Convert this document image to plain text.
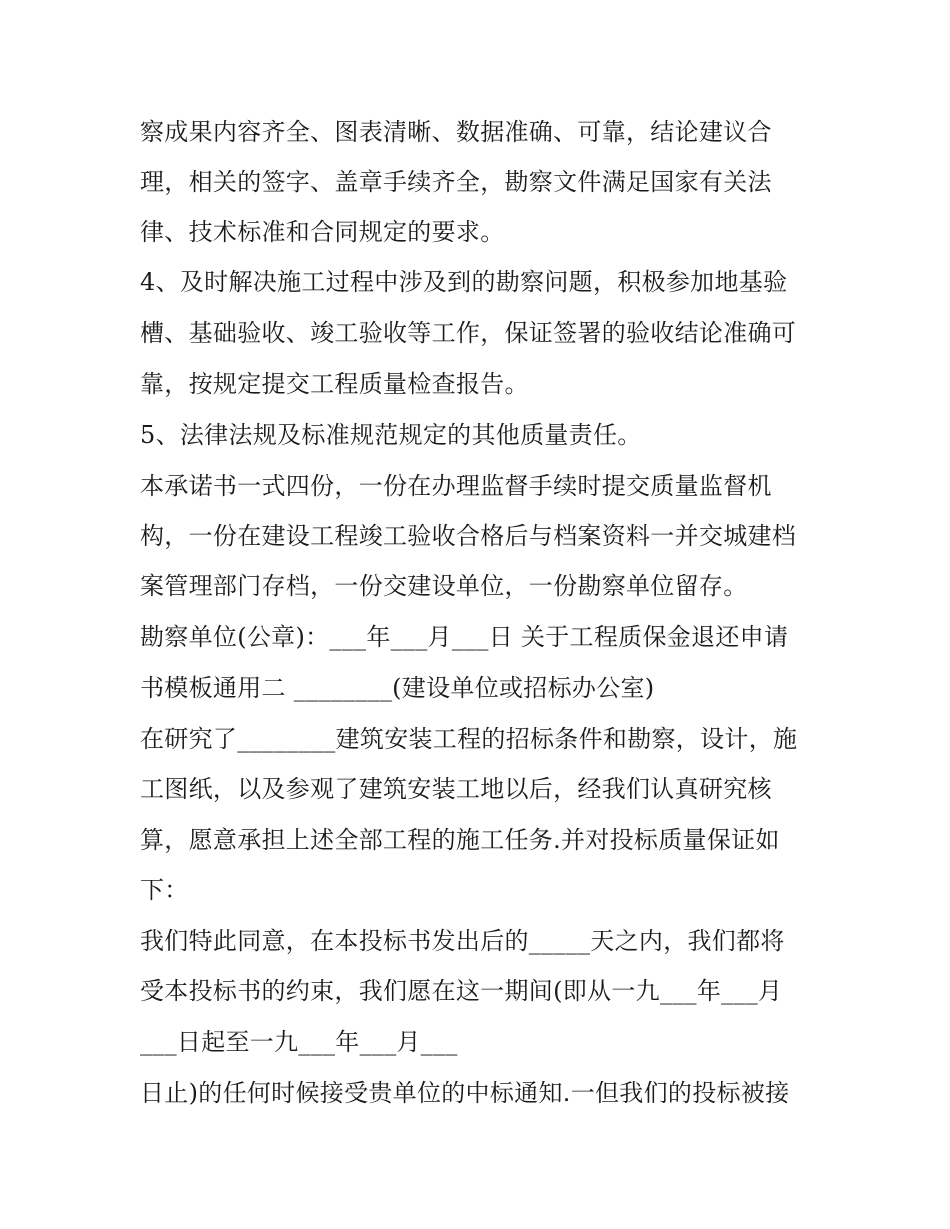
察成果内容齐全、图表清晰、数据准确、可靠，结论建议合
理，相关的签字、盖章手续齐全，勘察文件满足国家有关法
律、技术标准和合同规定的要求。
4、及时解决施工过程中涉及到的勘察问题，积极参加地基验
槽、基础验收、竣工验收等工作，保证签署的验收结论准确可
靠，按规定提交工程质量检查报告。
5、法律法规及标准规范规定的其他质量责任。
本承诺书一式四份，一份在办理监督手续时提交质量监督机
构，一份在建设工程竣工验收合格后与档案资料一并交城建档
案管理部门存档，一份交建设单位，一份勘察单位留存。
勘察单位(公章)：___年___月___日 关于工程质保金退还申请
书模板通用二 ________(建设单位或招标办公室)
在研究了________建筑安装工程的招标条件和勘察，设计，施
工图纸，以及参观了建筑安装工地以后，经我们认真研究核
算，愿意承担上述全部工程的施工任务.并对投标质量保证如
下：
我们特此同意，在本投标书发出后的_____天之内，我们都将
受本投标书的约束，我们愿在这一期间(即从一九___年___月
___日起至一九___年___月___
日止)的任何时候接受贵单位的中标通知.一但我们的投标被接
